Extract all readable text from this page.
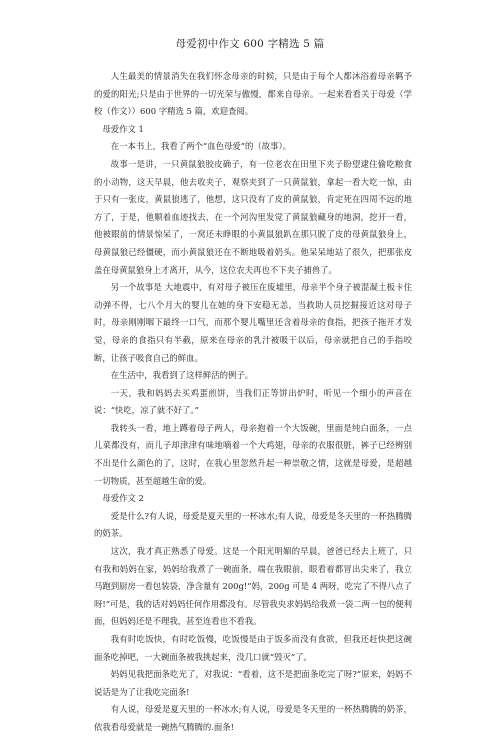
母爱初中作文 600 字精选 5 篇

人生最美的情景消失在我们怀念母亲的时候，只是由于每个人都沐浴着母亲羁予的爱的阳光;只是由于世界的一切光荣与傲慢，都来自母亲。一起来看看关于母爱（学校（作文））600 字精选 5 篇，欢迎查阅。

母爱作文 1

在一本书上，我看了两个“血色母爱”的（故事）。

故事一是讲，一只黄鼠狼胶皮确子，有一位老农在田里下夹子盼望逮住偷吃粮食的小动物，这天早晨，他去收夹子，观察夹到了一只黄鼠狼，拿起一看大吃一惊，由于只有一张皮，黄鼠狼逃了，他想，这只没有了皮的黄鼠狼，肯定死在四周不远的地方了，于是，他顺着血迹找去，在一个河沟里发觉了黄鼠狼藏身的地洞，挖开一看，他被眼前的情景惊呆了，一窝还未睁眼的小黄鼠狼趴在那只脱了皮的母黄鼠狼身上，母黄鼠狼已经僵硬，而小黄鼠狼还在不断地吸着奶头。他呆呆地站了很久，把那张皮盖在母黄鼠狼身上才离开，从今，这位农夫再也不下夹子捕兽了。

另一个故事是 大地震中，有对母子被压在废墟里，母亲半个身子被混凝土板卡住动弹不得，七八个月大的婴儿在她的身下安稳无恙，当救助人员挖掘接近这对母子时，母亲刚刚咽下最终一口气，而那个婴儿嘴里还含着母亲的食指，把孩子拖开才发觉，母亲的食指只有半截，原来在母亲的乳汁被吸干以后，母亲就把自己的手指咬断，让孩子吸食自己的鲜血。

在生活中，我看到了这样鲜活的例子。

一天，我和妈妈去买鸡蛋煎饼，当我们正等饼出炉时，听见一个细小的声音在说：“快吃，凉了就不好了。”

我转头一看，地上蹲着母子两人，母亲抱着一个大饭碗，里面是纯白面条，一点儿菜都没有，而儿子却津津有味地嘀着一个大鸡翅，母亲的衣服很脏，裤子已经辨别不出是什么颜色的了，这时，在我心里忽然升起一种崇敬之情，这就是母爱，是超越一切物质，甚至超越生命的爱。

母爱作文 2

爱是什么?有人说，母爱是夏天里的一杯冰水;有人说，母爱是冬天里的一杯热腾腾的奶茶。

这次，我才真正熟悉了母爱。这是一个阳光明媚的早晨，爸爸已经去上班了，只有我和妈妈在家，妈妈给我煮了一碗面条，端在我眼前，眼看着都冒出尖来了，我立马跑到厨房一看包装袋，净含量有 200g!”妈，200g 可是 4 两呀，吃完了不得八点了呀!”可是，我的话对妈妈任何作用都没有。尽管我央求妈妈给我煮一袋二两一包的便利面，但妈妈还是不理我，甚至连看也不看我。

我有时吃饭快，有时吃饭慢，吃饭慢是由于饭多而没有食欲，但我还赶快把这碗面条吃掉吧，一大碗面条被我挑起来，没几口就“毁灭”了。

妈妈见我把面条吃光了，对我说：“看着，这不是把面条吃完了呀?”原来，妈妈不说话是为了让我吃完面条!

有人说，母爱是夏天里的一杯冰水;有人说，母爱是冬天里的一杯热腾腾的奶茶，依我看母爱就是一碗热气腾腾的.面条!
